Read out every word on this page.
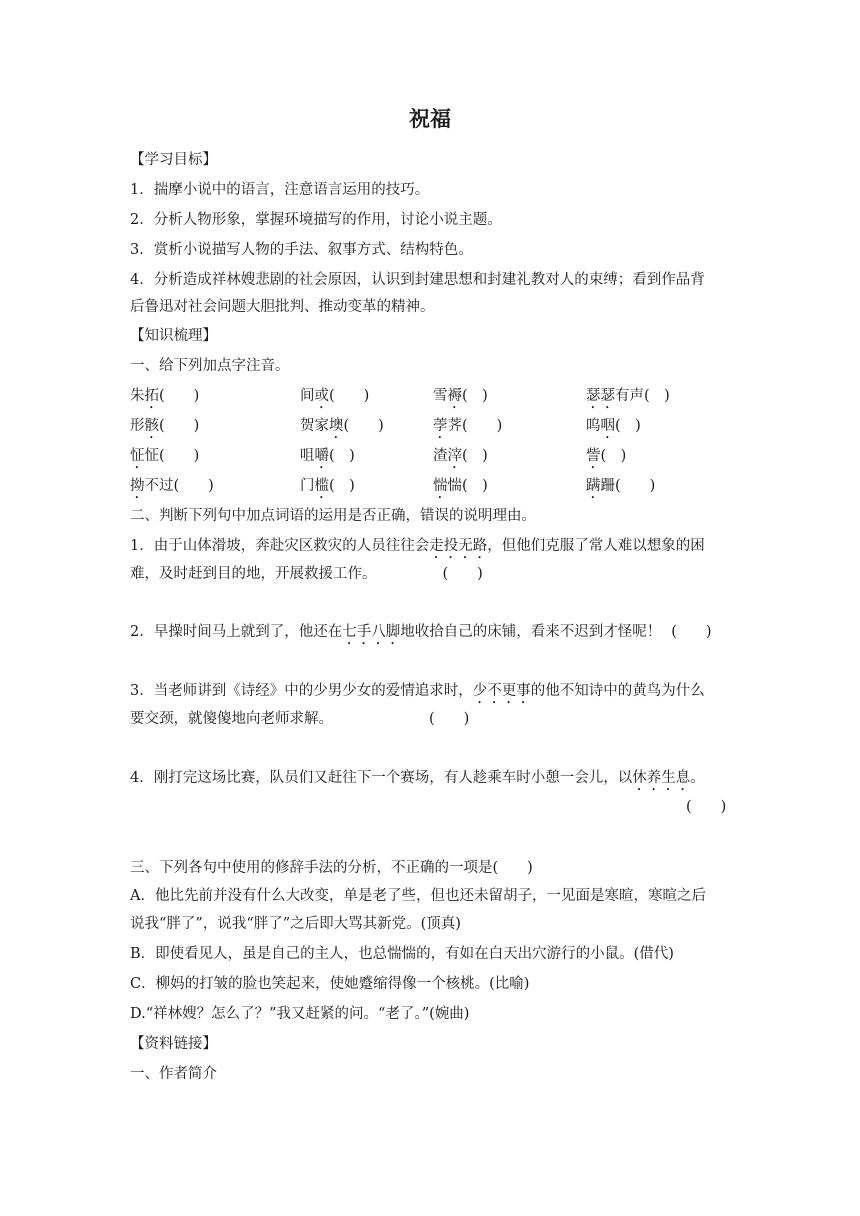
祝福
【学习目标】
1．揣摩小说中的语言，注意语言运用的技巧。
2．分析人物形象，掌握环境描写的作用，讨论小说主题。
3．赏析小说描写人物的手法、叙事方式、结构特色。
4．分析造成祥林嫂悲剧的社会原因，认识到封建思想和封建礼教对人的束缚；看到作品背
后鲁迅对社会问题大胆批判、推动变革的精神。
【知识梳理】
一、给下列加点字注音。
朱拓(　　)	间或(　　)	雪褥(　)	瑟瑟有声(　)
形骸(　　)	贺家墺(　　)	荸荠(　　)	呜咽(　)
怔怔(　　)	咀嚼(　)	渣滓(　)	訾(　)
拗不过(　　)	门槛(　)	惴惴(　)	蹒跚(　　)
二、判断下列句中加点词语的运用是否正确，错误的说明理由。
1．由于山体滑坡，奔赴灾区救灾的人员往往会走投无路，但他们克服了常人难以想象的困
难，及时赶到目的地，开展救援工作。	(　　)
2．早操时间马上就到了，他还在七手八脚地收拾自己的床铺，看来不迟到才怪呢！ (　　)
3．当老师讲到《诗经》中的少男少女的爱情追求时，少不更事的他不知诗中的黄鸟为什么
要交颈，就傻傻地向老师求解。	(　　)
4．刚打完这场比赛，队员们又赶往下一个赛场，有人趁乘车时小憩一会儿，以休养生息。
(　　)
三、下列各句中使用的修辞手法的分析，不正确的一项是(　　)
A．他比先前并没有什么大改变，单是老了些，但也还未留胡子，一见面是寒暄，寒暄之后
说我“胖了”，说我“胖了”之后即大骂其新党。(顶真)
B．即使看见人，虽是自己的主人，也总惴惴的，有如在白天出穴游行的小鼠。(借代)
C．柳妈的打皱的脸也笑起来，使她蹙缩得像一个核桃。(比喻)
D.“祥林嫂？怎么了？”我又赶紧的问。“老了。”(婉曲)
【资料链接】
一、作者简介
